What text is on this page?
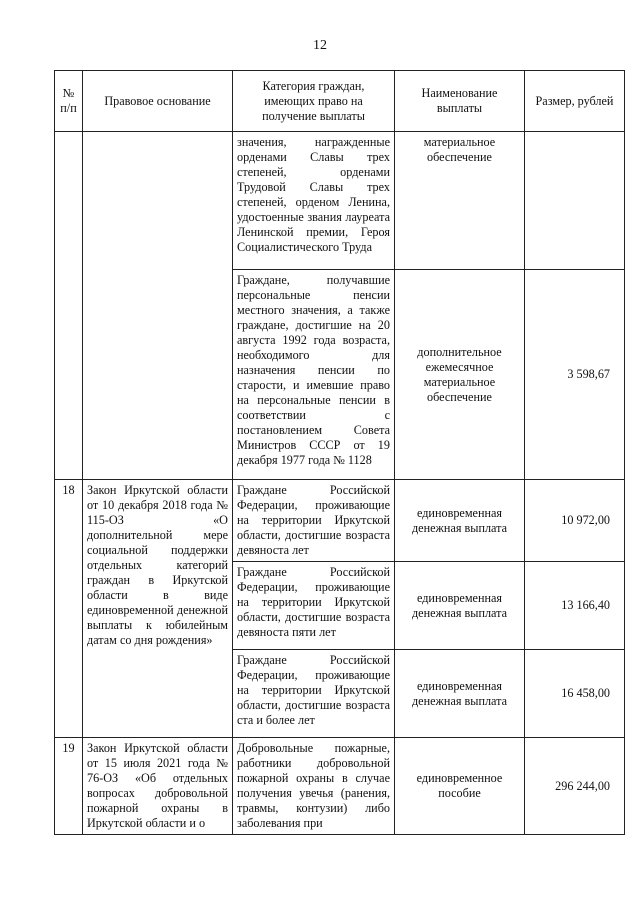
12
№ п/п	Правовое основание	Категория граждан, имеющих право на получение выплаты	Наименование выплаты	Размер, рублей
		значения, награжденные орденами Славы трех степеней, орденами Трудовой Славы трех степеней, орденом Ленина, удостоенные звания лауреата Ленинской премии, Героя Социалистического Труда	материальное обеспечение	
		Граждане, получавшие персональные пенсии местного значения, а также граждане, достигшие на 20 августа 1992 года возраста, необходимого для назначения пенсии по старости, и имевшие право на персональные пенсии в соответствии с постановлением Совета Министров СССР от 19 декабря 1977 года № 1128	дополнительное ежемесячное материальное обеспечение	3 598,67
18	Закон Иркутской области от 10 декабря 2018 года № 115-ОЗ «О дополнительной мере социальной поддержки отдельных категорий граждан в Иркутской области в виде единовременной денежной выплаты к юбилейным датам со дня рождения»	Граждане Российской Федерации, проживающие на территории Иркутской области, достигшие возраста девяноста лет	единовременная денежная выплата	10 972,00
		Граждане Российской Федерации, проживающие на территории Иркутской области, достигшие возраста девяноста пяти лет	единовременная денежная выплата	13 166,40
		Граждане Российской Федерации, проживающие на территории Иркутской области, достигшие возраста ста и более лет	единовременная денежная выплата	16 458,00
19	Закон Иркутской области от 15 июля 2021 года № 76-ОЗ «Об отдельных вопросах добровольной пожарной охраны в Иркутской области и о	Добровольные пожарные, работники добровольной пожарной охраны в случае получения увечья (ранения, травмы, контузии) либо заболевания при	единовременное пособие	296 244,00
